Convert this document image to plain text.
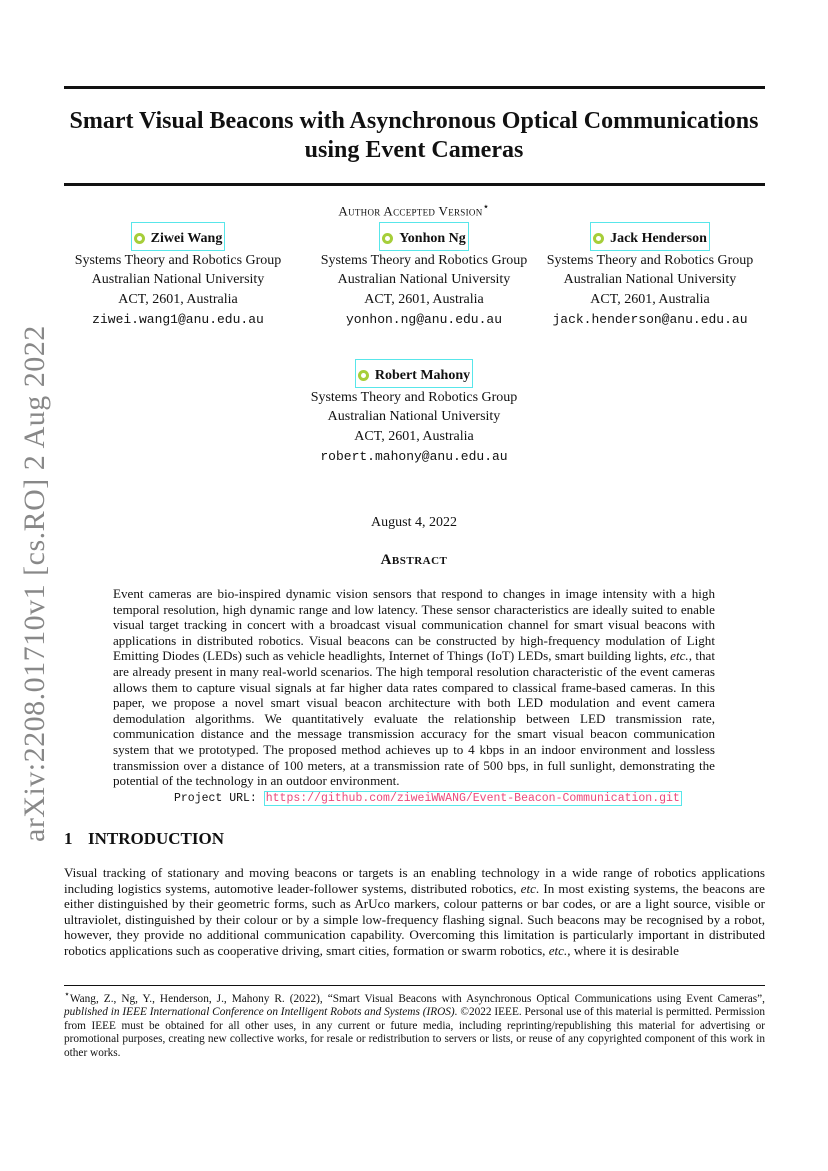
arXiv:2208.01710v1 [cs.RO] 2 Aug 2022
Smart Visual Beacons with Asynchronous Optical Communications using Event Cameras
Author Accepted Version⋆
Ziwei Wang
Systems Theory and Robotics Group
Australian National University
ACT, 2601, Australia
ziwei.wang1@anu.edu.au
Yonhon Ng
Systems Theory and Robotics Group
Australian National University
ACT, 2601, Australia
yonhon.ng@anu.edu.au
Jack Henderson
Systems Theory and Robotics Group
Australian National University
ACT, 2601, Australia
jack.henderson@anu.edu.au
Robert Mahony
Systems Theory and Robotics Group
Australian National University
ACT, 2601, Australia
robert.mahony@anu.edu.au
August 4, 2022
Abstract
Event cameras are bio-inspired dynamic vision sensors that respond to changes in image intensity with a high temporal resolution, high dynamic range and low latency. These sensor characteristics are ideally suited to enable visual target tracking in concert with a broadcast visual communication channel for smart visual beacons with applications in distributed robotics. Visual beacons can be constructed by high-frequency modulation of Light Emitting Diodes (LEDs) such as vehicle headlights, Internet of Things (IoT) LEDs, smart building lights, etc., that are already present in many real-world scenarios. The high temporal resolution characteristic of the event cameras allows them to capture visual signals at far higher data rates compared to classical frame-based cameras. In this paper, we propose a novel smart visual beacon architecture with both LED modulation and event camera demodulation algorithms. We quantitatively evaluate the relationship between LED transmission rate, communication distance and the message transmission accuracy for the smart visual beacon communication system that we prototyped. The proposed method achieves up to 4 kbps in an indoor environment and lossless transmission over a distance of 100 meters, at a transmission rate of 500 bps, in full sunlight, demonstrating the potential of the technology in an outdoor environment.
Project URL: https://github.com/ziweiWWANG/Event-Beacon-Communication.git
1 INTRODUCTION
Visual tracking of stationary and moving beacons or targets is an enabling technology in a wide range of robotics applications including logistics systems, automotive leader-follower systems, distributed robotics, etc. In most existing systems, the beacons are either distinguished by their geometric forms, such as ArUco markers, colour patterns or bar codes, or are a light source, visible or ultraviolet, distinguished by their colour or by a simple low-frequency flashing signal. Such beacons may be recognised by a robot, however, they provide no additional communication capability. Overcoming this limitation is particularly important in distributed robotics applications such as cooperative driving, smart cities, formation or swarm robotics, etc., where it is desirable
⋆Wang, Z., Ng, Y., Henderson, J., Mahony R. (2022), “Smart Visual Beacons with Asynchronous Optical Communications using Event Cameras”, published in IEEE International Conference on Intelligent Robots and Systems (IROS). ©2022 IEEE. Personal use of this material is permitted. Permission from IEEE must be obtained for all other uses, in any current or future media, including reprinting/republishing this material for advertising or promotional purposes, creating new collective works, for resale or redistribution to servers or lists, or reuse of any copyrighted component of this work in other works.
